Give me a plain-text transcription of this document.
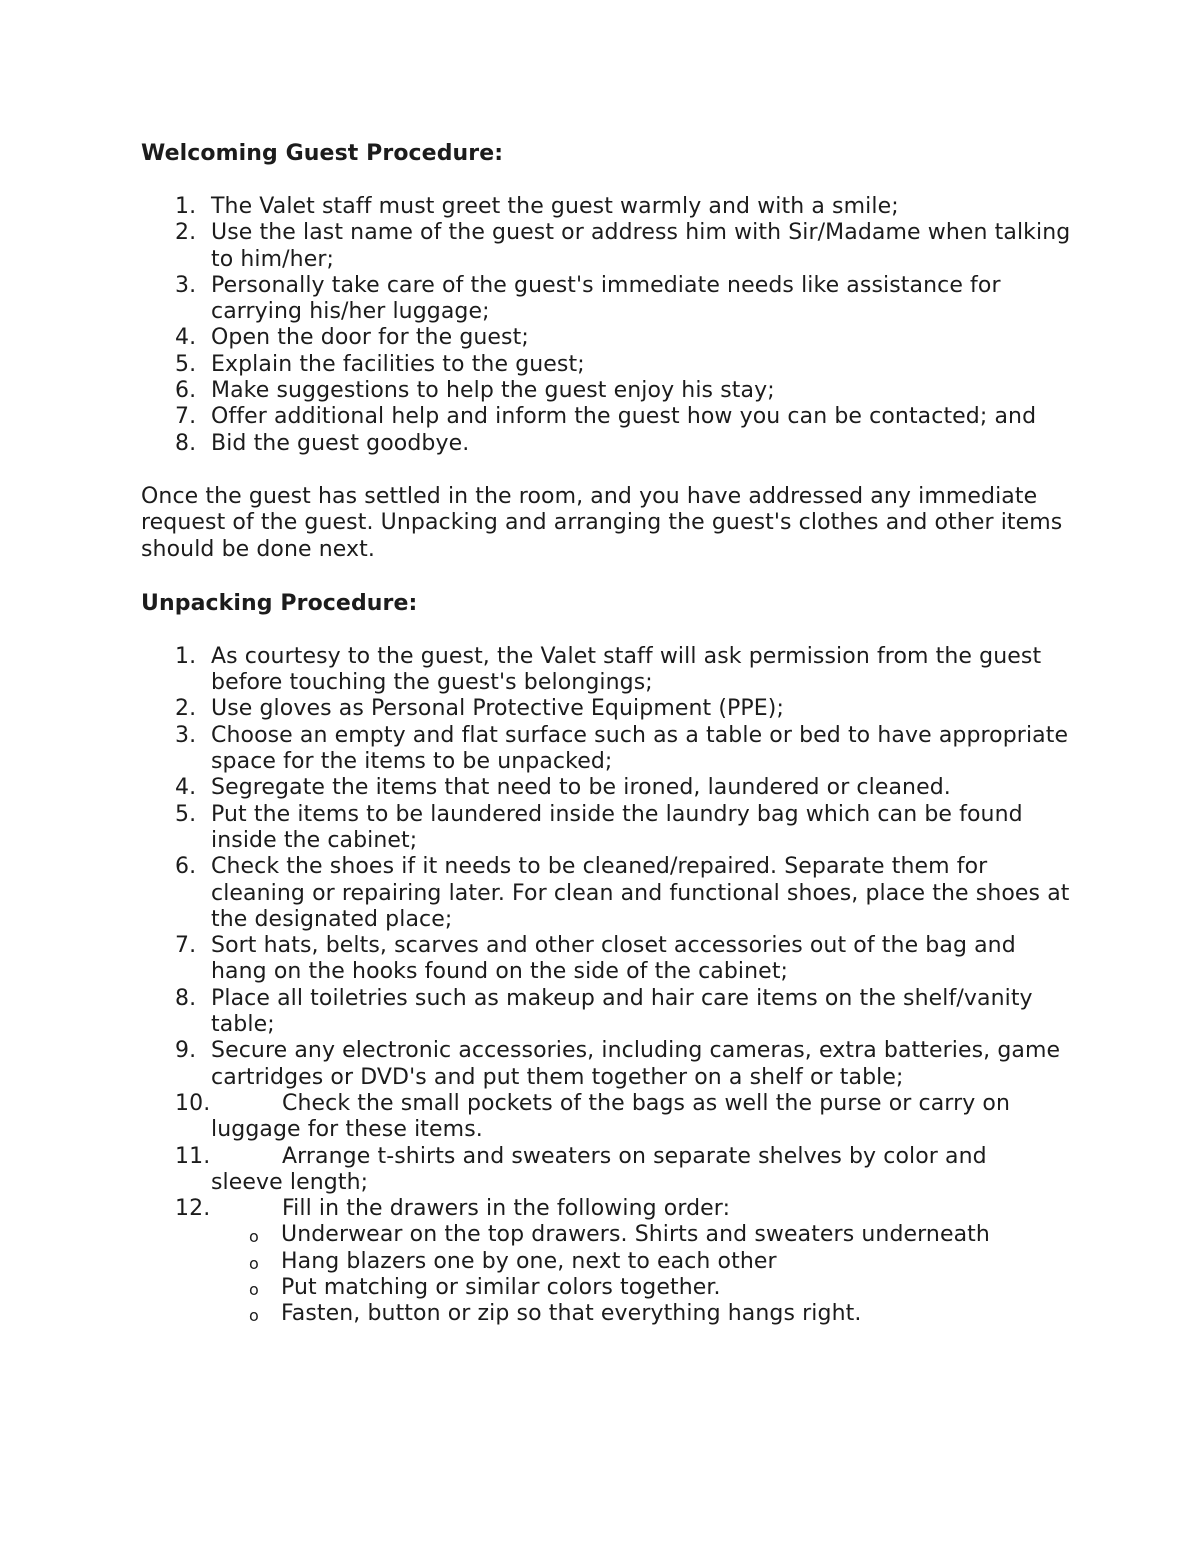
Welcoming Guest Procedure:

1. The Valet staff must greet the guest warmly and with a smile;
2. Use the last name of the guest or address him with Sir/Madame when talking to him/her;
3. Personally take care of the guest's immediate needs like assistance for carrying his/her luggage;
4. Open the door for the guest;
5. Explain the facilities to the guest;
6. Make suggestions to help the guest enjoy his stay;
7. Offer additional help and inform the guest how you can be contacted; and
8. Bid the guest goodbye.

Once the guest has settled in the room, and you have addressed any immediate request of the guest. Unpacking and arranging the guest's clothes and other items should be done next.

Unpacking Procedure:

1. As courtesy to the guest, the Valet staff will ask permission from the guest before touching the guest's belongings;
2. Use gloves as Personal Protective Equipment (PPE);
3. Choose an empty and flat surface such as a table or bed to have appropriate space for the items to be unpacked;
4. Segregate the items that need to be ironed, laundered or cleaned.
5. Put the items to be laundered inside the laundry bag which can be found inside the cabinet;
6. Check the shoes if it needs to be cleaned/repaired. Separate them for cleaning or repairing later. For clean and functional shoes, place the shoes at the designated place;
7. Sort hats, belts, scarves and other closet accessories out of the bag and hang on the hooks found on the side of the cabinet;
8. Place all toiletries such as makeup and hair care items on the shelf/vanity table;
9. Secure any electronic accessories, including cameras, extra batteries, game cartridges or DVD's and put them together on a shelf or table;
10.	Check the small pockets of the bags as well the purse or carry on
luggage for these items.
11.	Arrange t-shirts and sweaters on separate shelves by color and
sleeve length;
12.	Fill in the drawers in the following order:
o Underwear on the top drawers. Shirts and sweaters underneath
o Hang blazers one by one, next to each other
o Put matching or similar colors together.
o Fasten, button or zip so that everything hangs right.
